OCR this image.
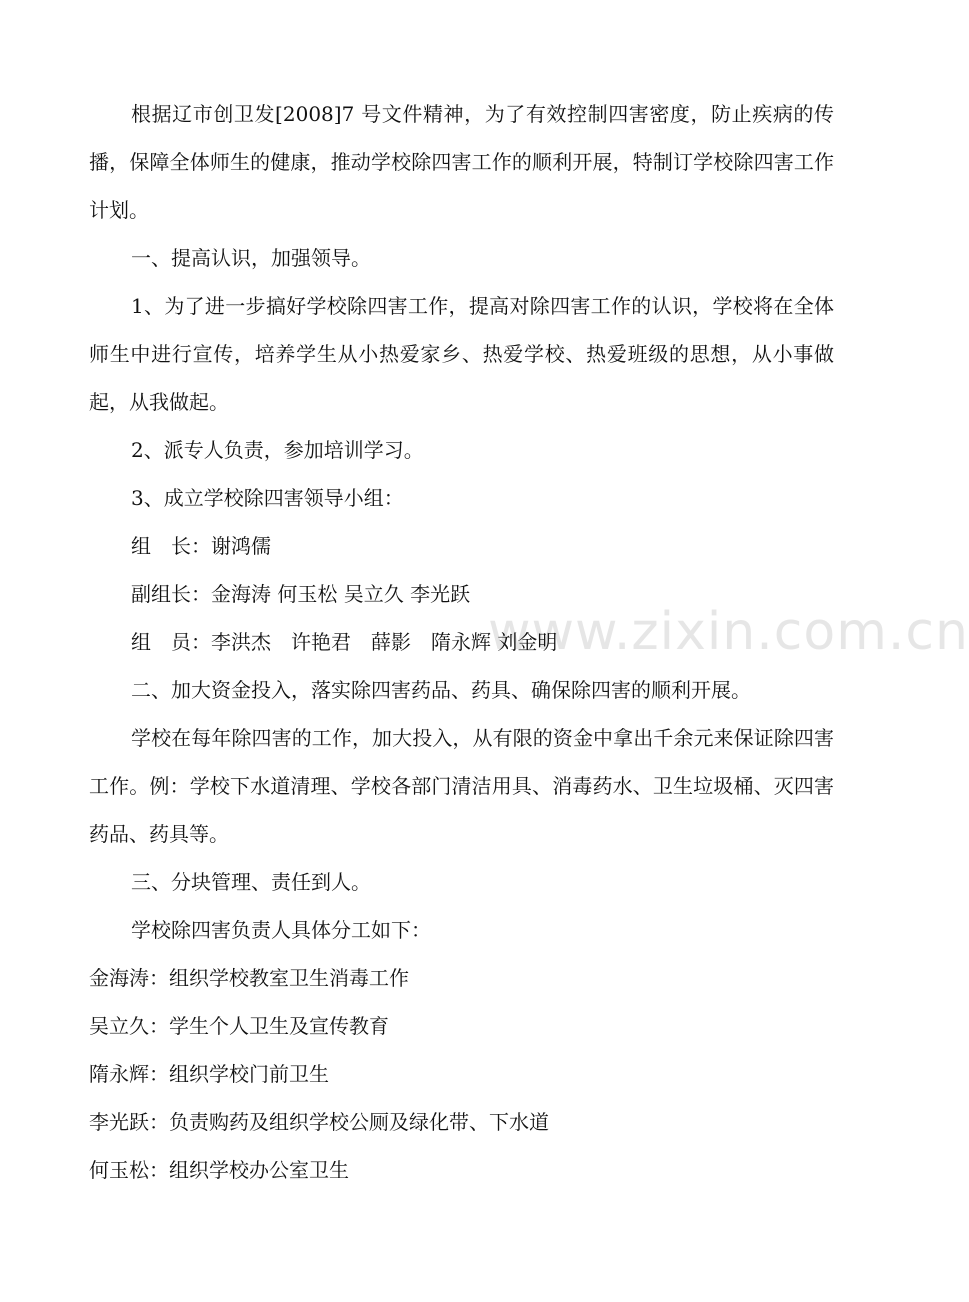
www.zixin.com.cn

根据辽市创卫发[2008]7 号文件精神，为了有效控制四害密度，防止疾病的传播，保障全体师生的健康，推动学校除四害工作的顺利开展，特制订学校除四害工作计划。

一、提高认识，加强领导。

1、为了进一步搞好学校除四害工作，提高对除四害工作的认识，学校将在全体师生中进行宣传，培养学生从小热爱家乡、热爱学校、热爱班级的思想，从小事做起，从我做起。

2、派专人负责，参加培训学习。

3、成立学校除四害领导小组：

组　长：谢鸿儒

副组长：金海涛 何玉松 吴立久 李光跃

组　员：李洪杰　许艳君　薛影　隋永辉 刘金明

二、加大资金投入，落实除四害药品、药具、确保除四害的顺利开展。

学校在每年除四害的工作，加大投入，从有限的资金中拿出千余元来保证除四害工作。例：学校下水道清理、学校各部门清洁用具、消毒药水、卫生垃圾桶、灭四害药品、药具等。

三、分块管理、责任到人。

学校除四害负责人具体分工如下：

金海涛：组织学校教室卫生消毒工作

吴立久：学生个人卫生及宣传教育

隋永辉：组织学校门前卫生

李光跃：负责购药及组织学校公厕及绿化带、下水道

何玉松：组织学校办公室卫生
